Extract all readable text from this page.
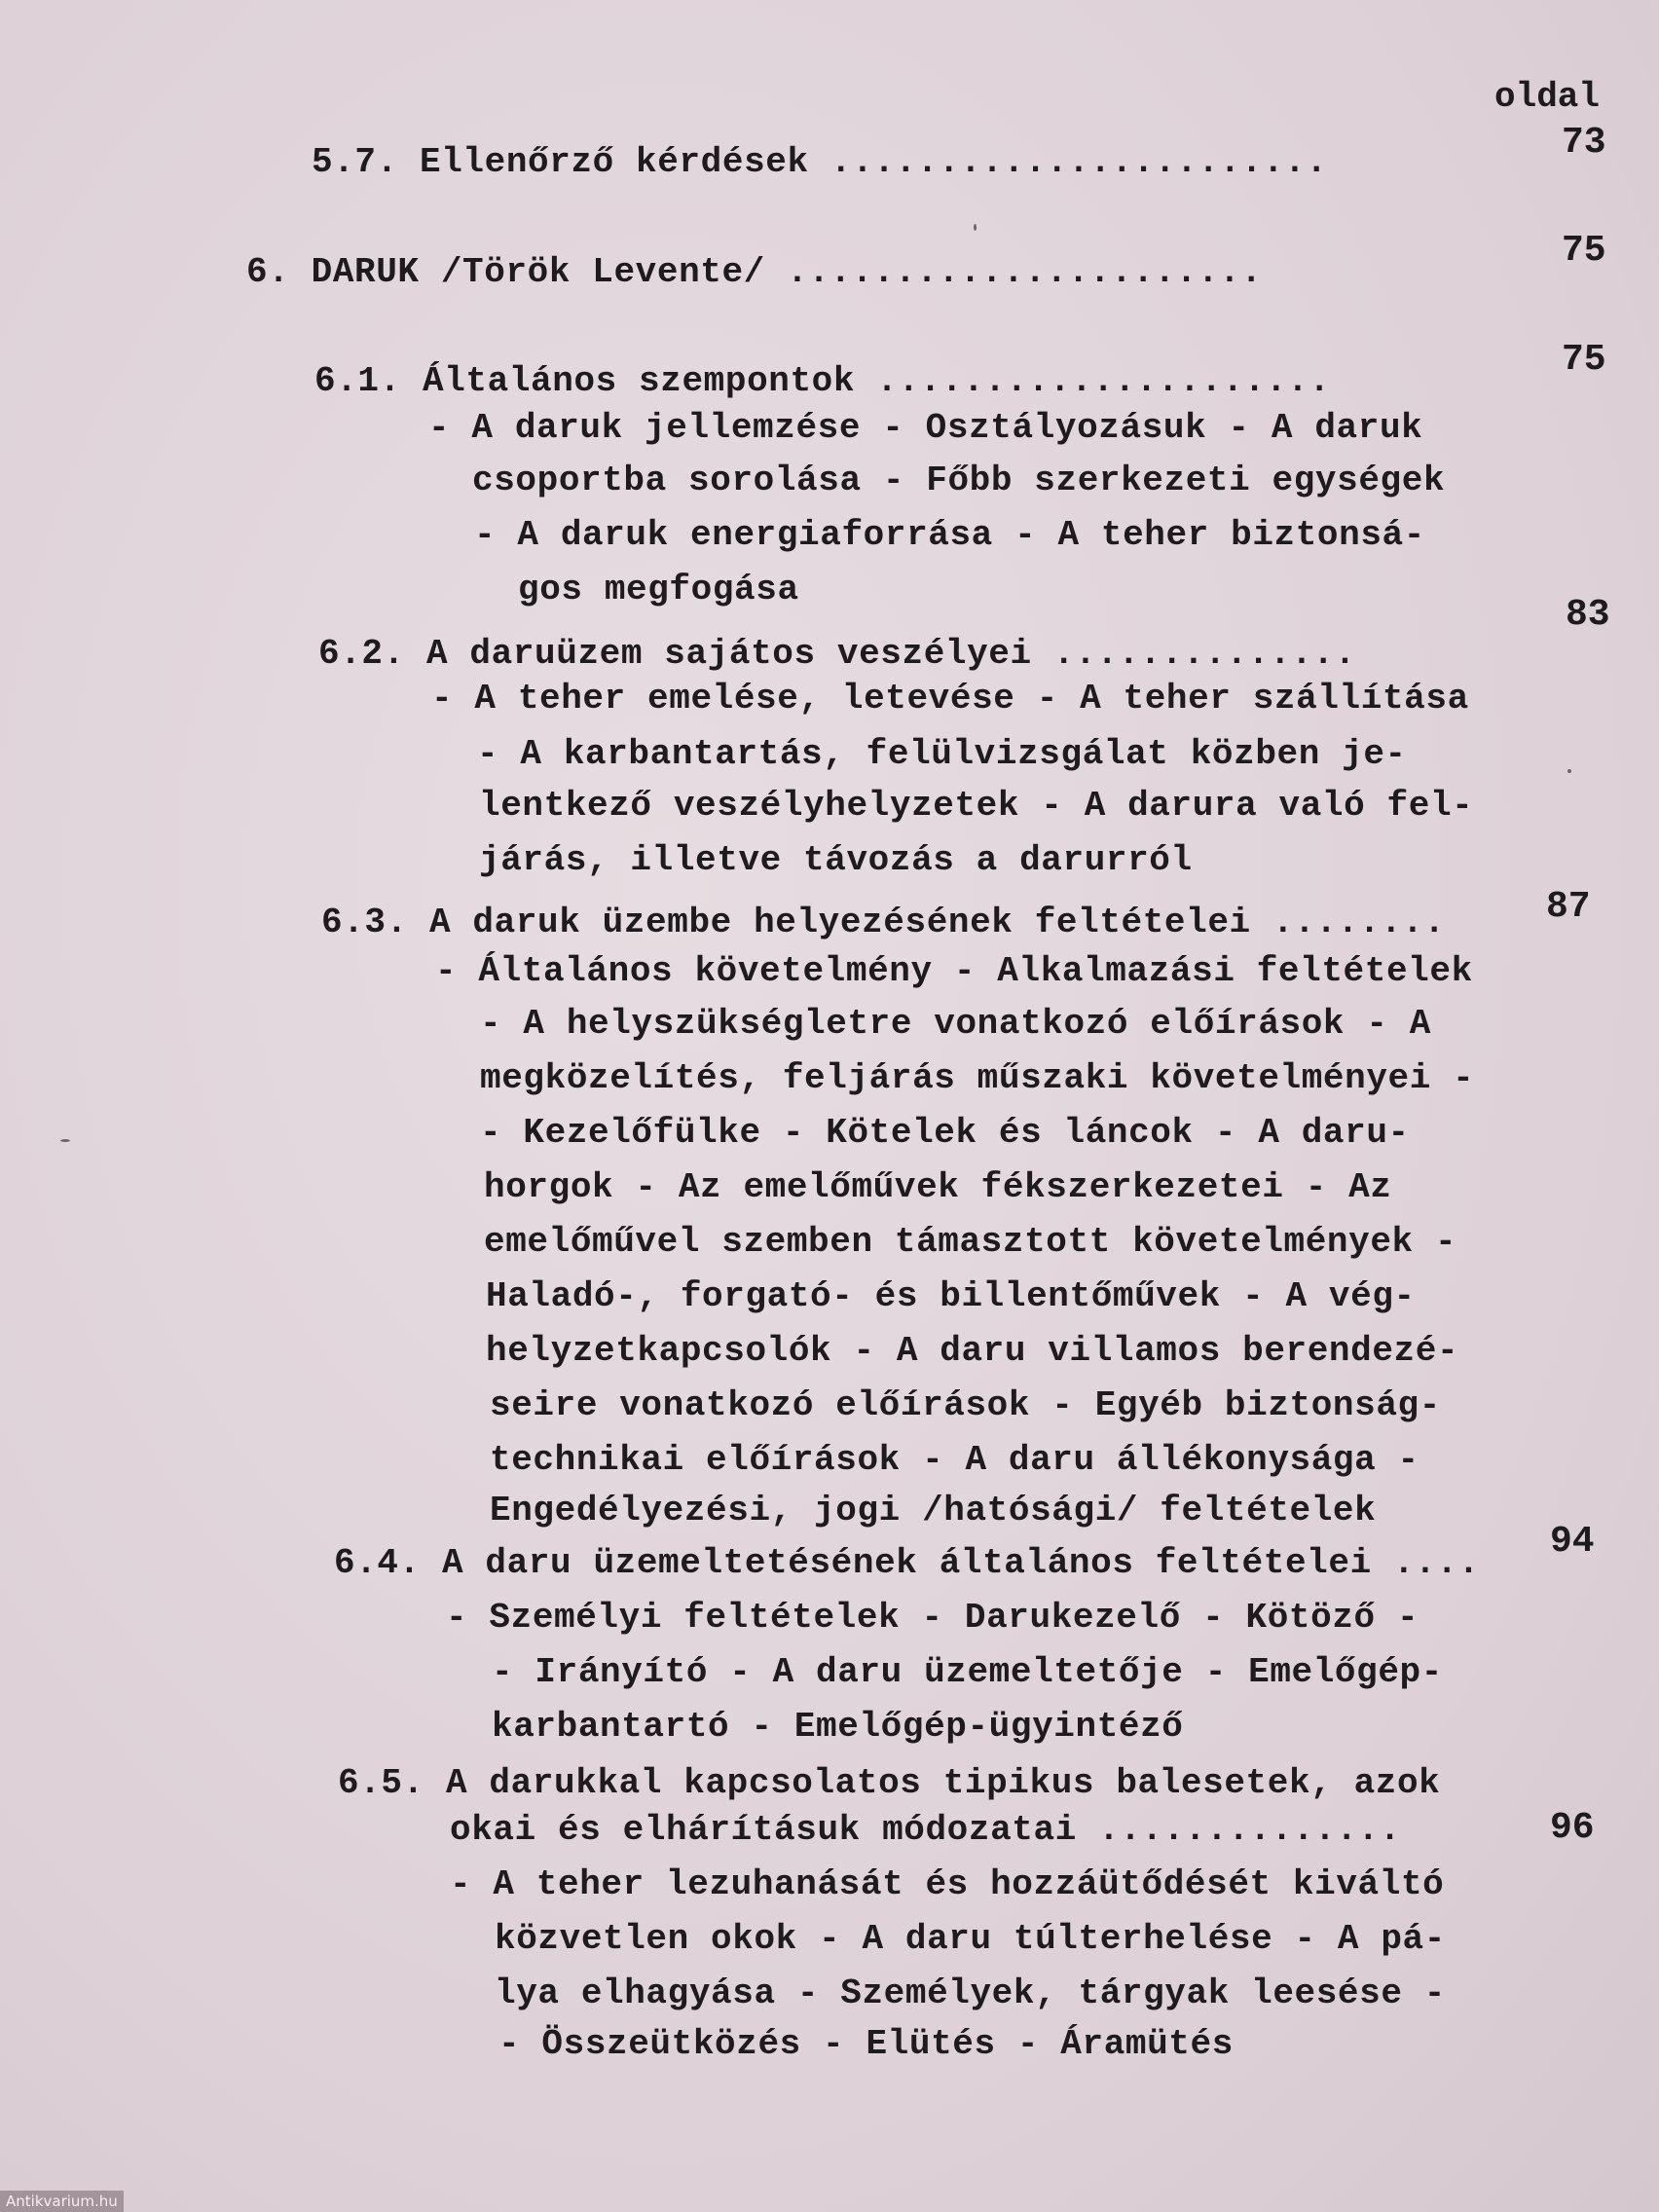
oldal
5.7. Ellenőrző kérdések .......................
6. DARUK /Török Levente/ ......................
6.1. Általános szempontok .....................
- A daruk jellemzése - Osztályozásuk - A daruk
csoportba sorolása - Főbb szerkezeti egységek
- A daruk energiaforrása - A teher biztonsá-
gos megfogása
6.2. A daruüzem sajátos veszélyei ..............
- A teher emelése, letevése - A teher szállítása
- A karbantartás, felülvizsgálat közben je-
lentkező veszélyhelyzetek - A darura való fel-
járás, illetve távozás a darurról
6.3. A daruk üzembe helyezésének feltételei ........
- Általános követelmény - Alkalmazási feltételek
- A helyszükségletre vonatkozó előírások - A
megközelítés, feljárás műszaki követelményei -
- Kezelőfülke - Kötelek és láncok - A daru-
horgok - Az emelőművek fékszerkezetei - Az
emelőművel szemben támasztott követelmények -
Haladó-, forgató- és billentőművek - A vég-
helyzetkapcsolók - A daru villamos berendezé-
seire vonatkozó előírások - Egyéb biztonság-
technikai előírások - A daru állékonysága -
Engedélyezési, jogi /hatósági/ feltételek
6.4. A daru üzemeltetésének általános feltételei ....
- Személyi feltételek - Darukezelő - Kötöző -
- Irányító - A daru üzemeltetője - Emelőgép-
karbantartó - Emelőgép-ügyintéző
6.5. A darukkal kapcsolatos tipikus balesetek, azok
okai és elhárításuk módozatai ..............
- A teher lezuhanását és hozzáütődését kiváltó
közvetlen okok - A daru túlterhelése - A pá-
lya elhagyása - Személyek, tárgyak leesése -
- Összeütközés - Elütés - Áramütés
73
75
75
83
87
94
96
Antikvarium.hu
